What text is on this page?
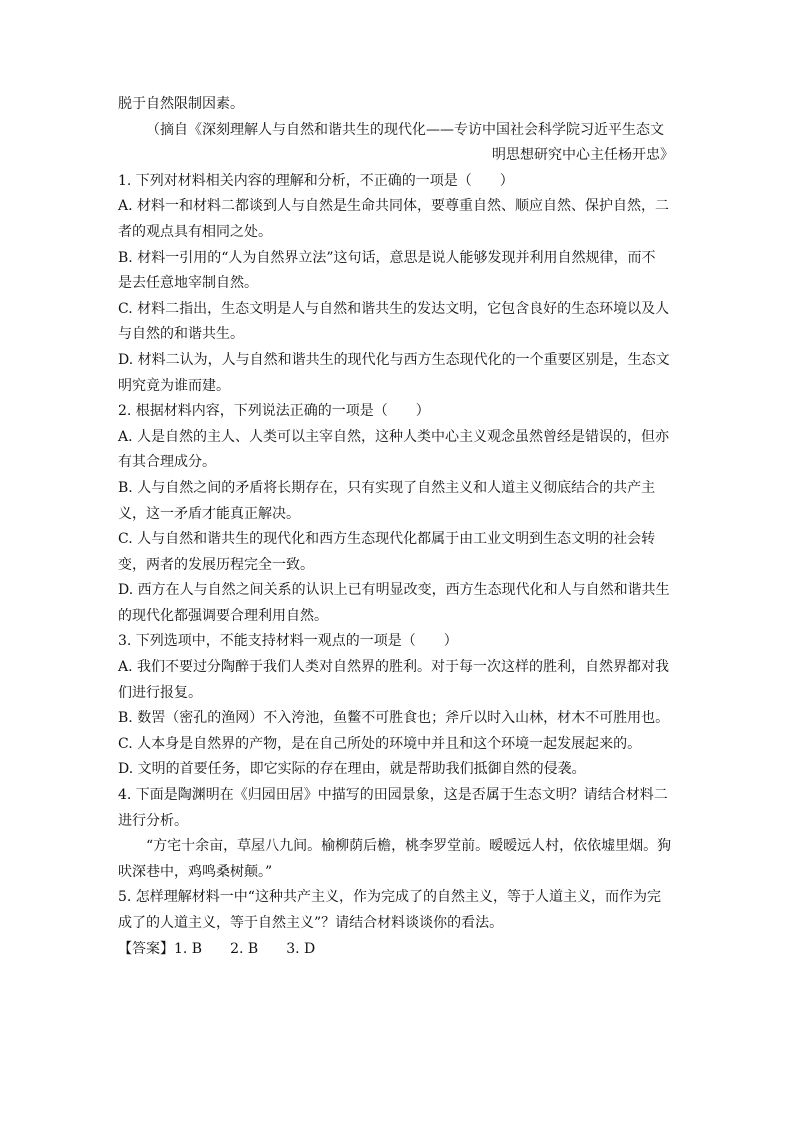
脱于自然限制因素。
（摘自《深刻理解人与自然和谐共生的现代化——专访中国社会科学院习近平生态文
明思想研究中心主任杨开忠》
1. 下列对材料相关内容的理解和分析，不正确的一项是（　　）
A. 材料一和材料二都谈到人与自然是生命共同体，要尊重自然、顺应自然、保护自然，二
者的观点具有相同之处。
B. 材料一引用的“人为自然界立法”这句话，意思是说人能够发现并利用自然规律，而不
是去任意地宰制自然。
C. 材料二指出，生态文明是人与自然和谐共生的发达文明，它包含良好的生态环境以及人
与自然的和谐共生。
D. 材料二认为，人与自然和谐共生的现代化与西方生态现代化的一个重要区别是，生态文
明究竟为谁而建。
2. 根据材料内容，下列说法正确的一项是（　　）
A. 人是自然的主人、人类可以主宰自然，这种人类中心主义观念虽然曾经是错误的，但亦
有其合理成分。
B. 人与自然之间的矛盾将长期存在，只有实现了自然主义和人道主义彻底结合的共产主
义，这一矛盾才能真正解决。
C. 人与自然和谐共生的现代化和西方生态现代化都属于由工业文明到生态文明的社会转
变，两者的发展历程完全一致。
D. 西方在人与自然之间关系的认识上已有明显改变，西方生态现代化和人与自然和谐共生
的现代化都强调要合理利用自然。
3. 下列选项中，不能支持材料一观点的一项是（　　）
A. 我们不要过分陶醉于我们人类对自然界的胜利。对于每一次这样的胜利，自然界都对我
们进行报复。
B. 数罟（密孔的渔网）不入洿池，鱼鳖不可胜食也；斧斤以时入山林，材木不可胜用也。
C. 人本身是自然界的产物，是在自己所处的环境中并且和这个环境一起发展起来的。
D. 文明的首要任务，即它实际的存在理由，就是帮助我们抵御自然的侵袭。
4. 下面是陶渊明在《归园田居》中描写的田园景象，这是否属于生态文明？请结合材料二
进行分析。
“方宅十余亩，草屋八九间。榆柳荫后檐，桃李罗堂前。暧暧远人村，依依墟里烟。狗
吠深巷中，鸡鸣桑树颠。”
5. 怎样理解材料一中“这种共产主义，作为完成了的自然主义，等于人道主义，而作为完
成了的人道主义，等于自然主义”？请结合材料谈谈你的看法。
【答案】1. B 2. B 3. D
